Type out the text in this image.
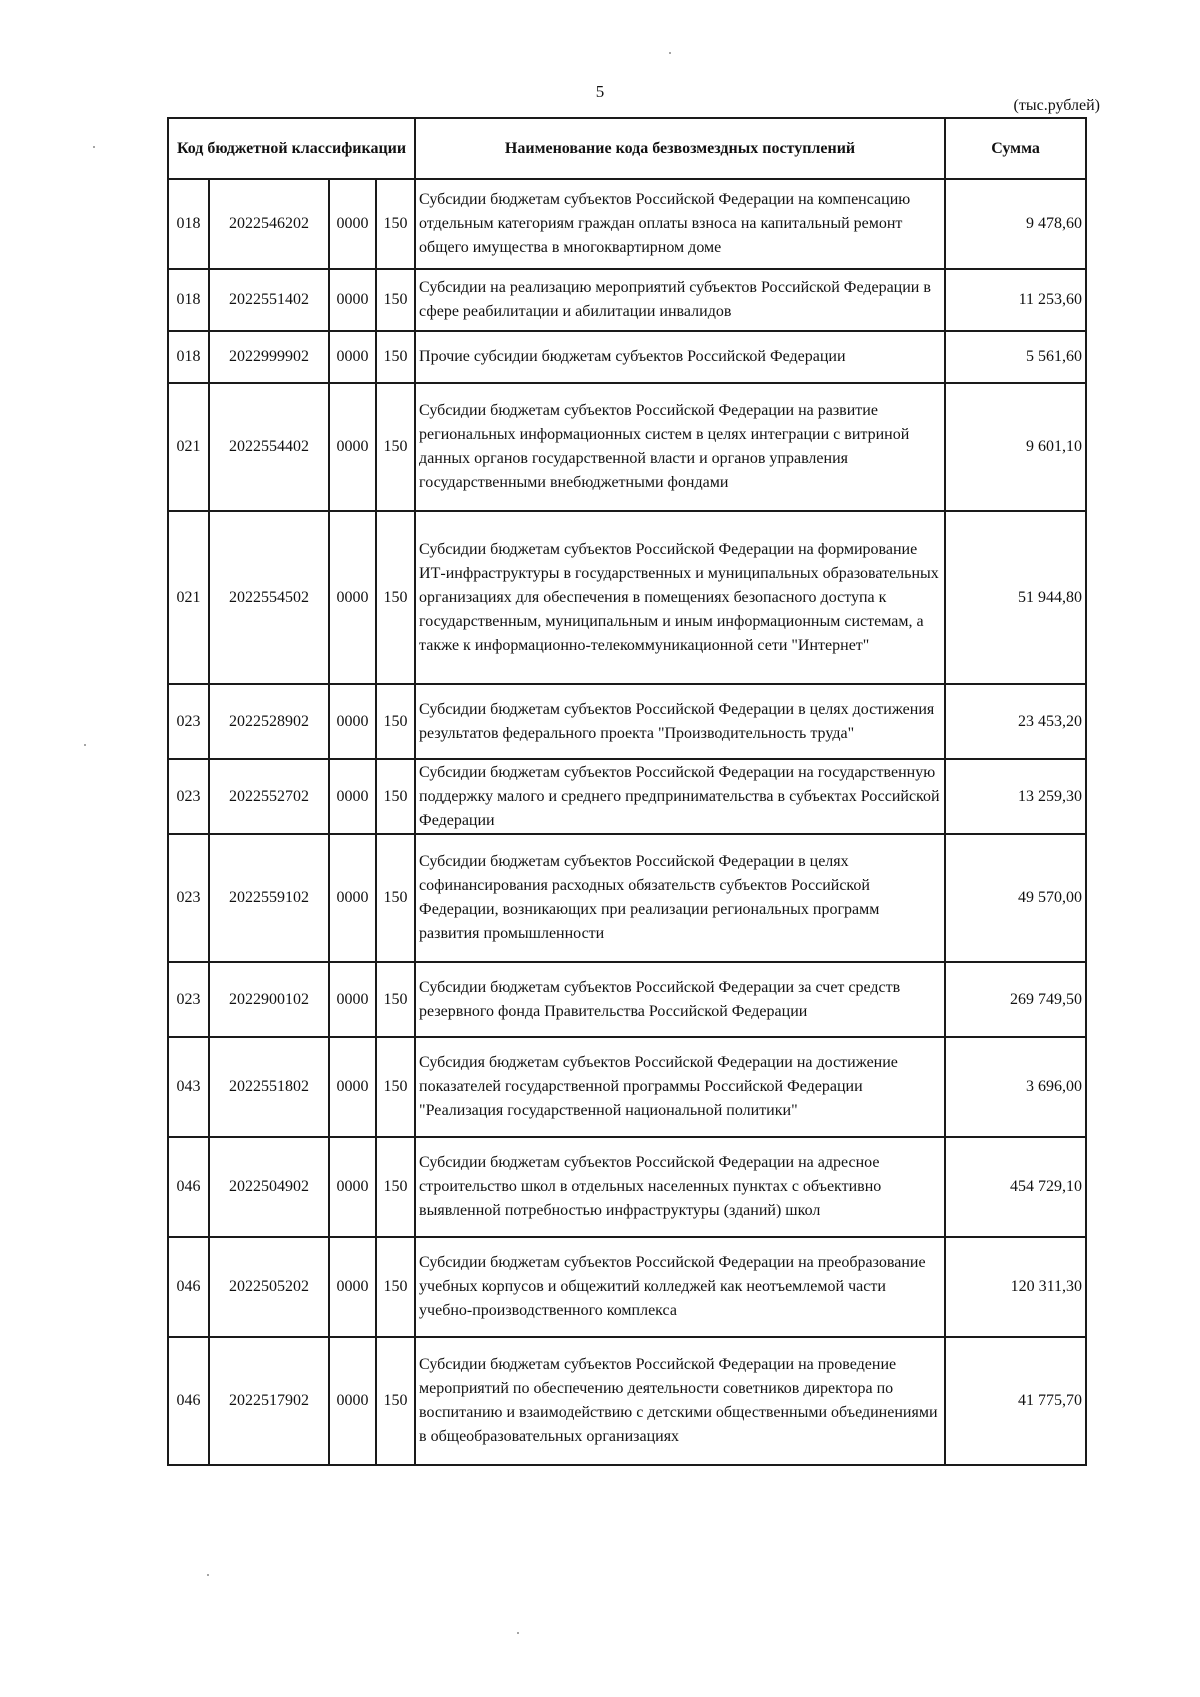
5
(тыс.рублей)
Код бюджетной классификации				Наименование кода безвозмездных поступлений	Сумма
018	2022546202	0000	150	Субсидии бюджетам субъектов Российской Федерации на компенсацию отдельным категориям граждан оплаты взноса на капитальный ремонт общего имущества в многоквартирном доме	9 478,60
018	2022551402	0000	150	Субсидии на реализацию мероприятий субъектов Российской Федерации в сфере реабилитации и абилитации инвалидов	11 253,60
018	2022999902	0000	150	Прочие субсидии бюджетам субъектов Российской Федерации	5 561,60
021	2022554402	0000	150	Субсидии бюджетам субъектов Российской Федерации на развитие региональных информационных систем в целях интеграции с витриной данных органов государственной власти и органов управления государственными внебюджетными фондами	9 601,10
021	2022554502	0000	150	Субсидии бюджетам субъектов Российской Федерации на формирование ИТ-инфраструктуры в государственных и муниципальных образовательных организациях для обеспечения в помещениях безопасного доступа к государственным, муниципальным и иным информационным системам, а также к информационно-телекоммуникационной сети "Интернет"	51 944,80
023	2022528902	0000	150	Субсидии бюджетам субъектов Российской Федерации в целях достижения результатов федерального проекта "Производительность труда"	23 453,20
023	2022552702	0000	150	Субсидии бюджетам субъектов Российской Федерации на государственную поддержку малого и среднего предпринимательства в субъектах Российской Федерации	13 259,30
023	2022559102	0000	150	Субсидии бюджетам субъектов Российской Федерации в целях софинансирования расходных обязательств субъектов Российской Федерации, возникающих при реализации региональных программ развития промышленности	49 570,00
023	2022900102	0000	150	Субсидии бюджетам субъектов Российской Федерации за счет средств резервного фонда Правительства Российской Федерации	269 749,50
043	2022551802	0000	150	Субсидия бюджетам субъектов Российской Федерации на достижение показателей государственной программы Российской Федерации "Реализация государственной национальной политики"	3 696,00
046	2022504902	0000	150	Субсидии бюджетам субъектов Российской Федерации на адресное строительство школ в отдельных населенных пунктах с объективно выявленной потребностью инфраструктуры (зданий) школ	454 729,10
046	2022505202	0000	150	Субсидии бюджетам субъектов Российской Федерации на преобразование учебных корпусов и общежитий колледжей как неотъемлемой части учебно-производственного комплекса	120 311,30
046	2022517902	0000	150	Субсидии бюджетам субъектов Российской Федерации на проведение мероприятий по обеспечению деятельности советников директора по воспитанию и взаимодействию с детскими общественными объединениями в общеобразовательных организациях	41 775,70
